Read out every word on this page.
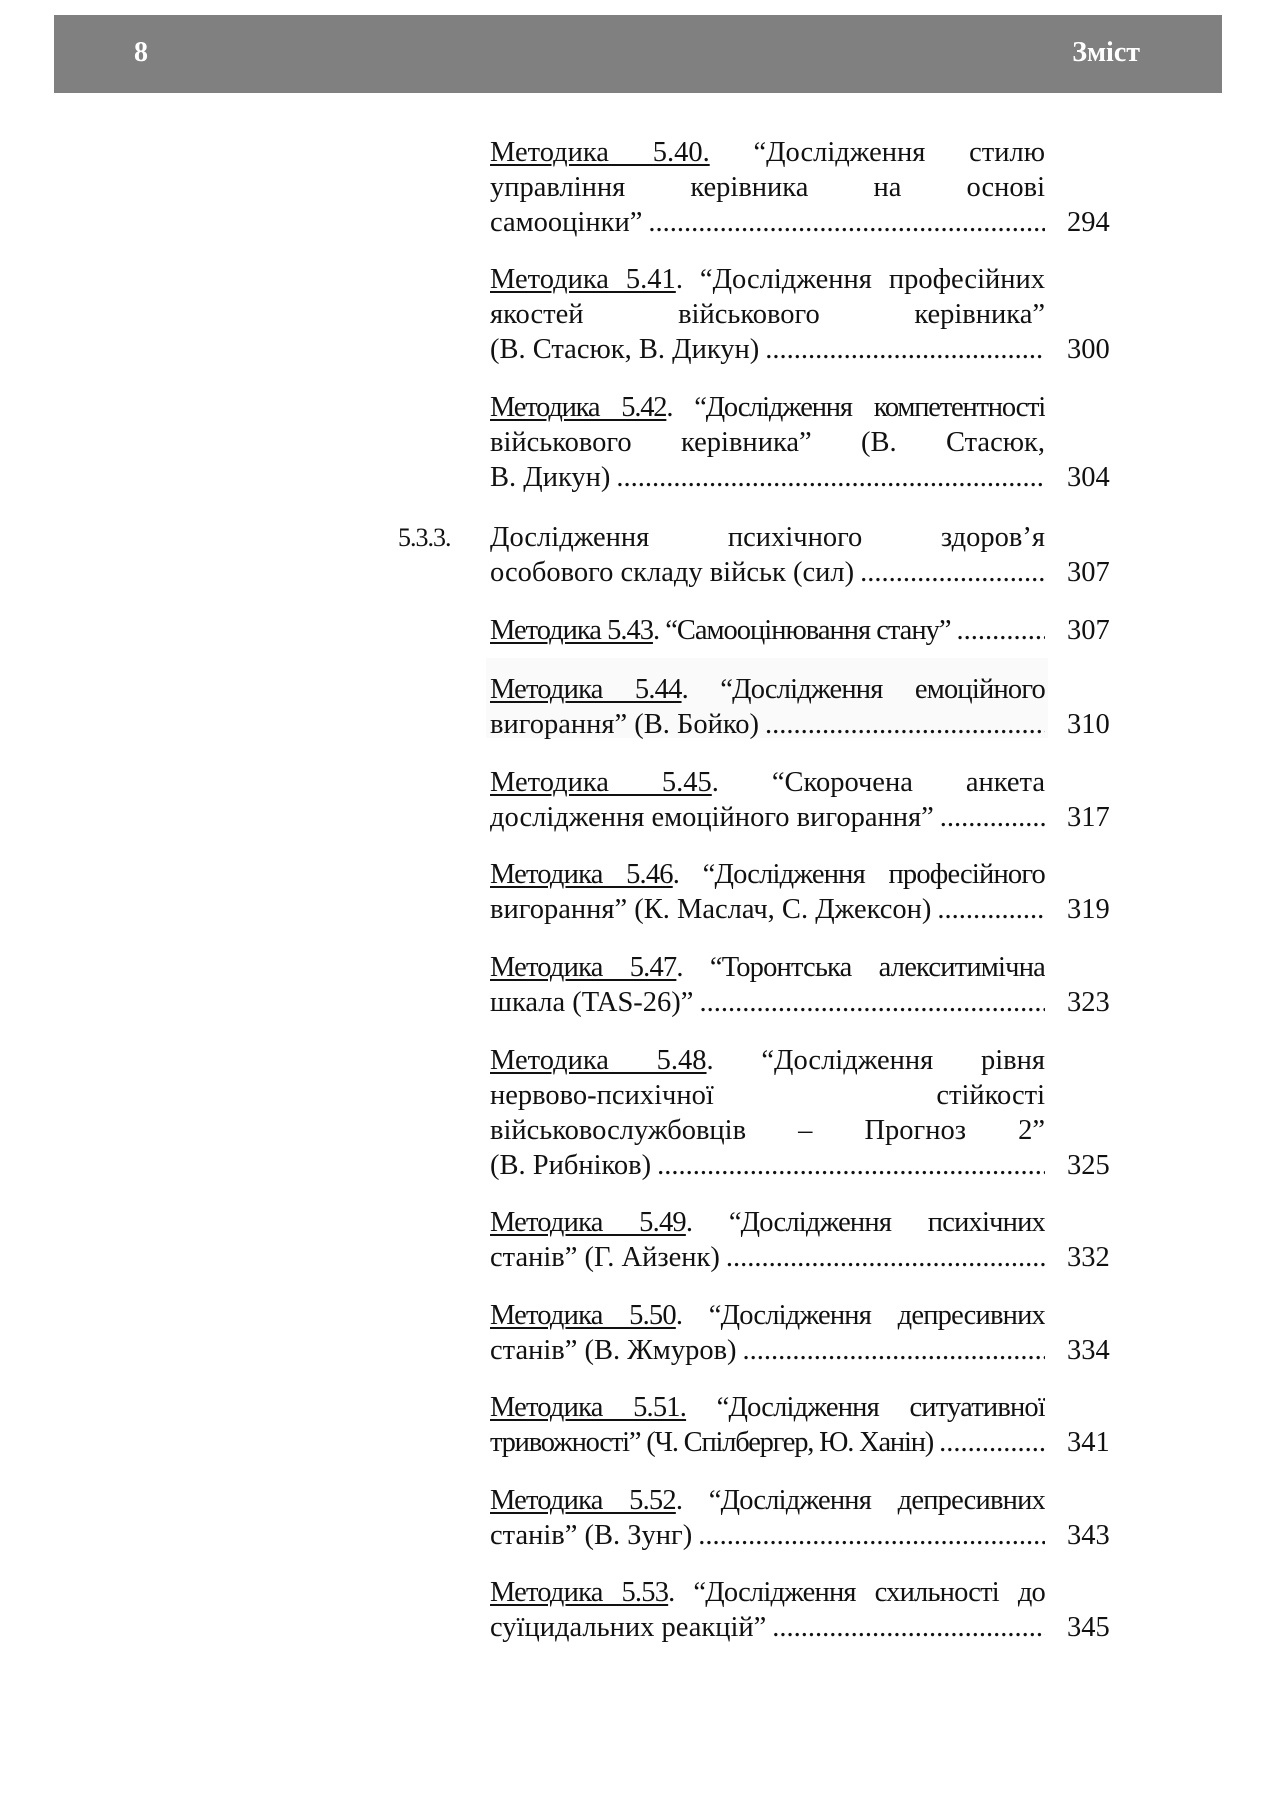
8	Зміст
Методика 5.40. “Дослідження стилю
управління керівника на основі
самооцінки” .....	294
Методика 5.41. “Дослідження професійних
якостей військового керівника”
(В. Стасюк, В. Дикун) .....	300
Методика 5.42. “Дослідження компетентності
військового керівника” (В. Стасюк,
В. Дикун) .....	304
5.3.3. Дослідження психічного здоров’я
особового складу військ (сил) .....	307
Методика 5.43. “Самооцінювання стану” .....	307
Методика 5.44. “Дослідження емоційного
вигорання” (В. Бойко) .....	310
Методика 5.45. “Скорочена анкета
дослідження емоційного вигорання” .....	317
Методика 5.46. “Дослідження професійного
вигорання” (К. Маслач, С. Джексон) .....	319
Методика 5.47. “Торонтська алекситимічна
шкала (TAS-26)” .....	323
Методика 5.48. “Дослідження рівня
нервово-психічної стійкості
військовослужбовців – Прогноз 2”
(В. Рибніков) .....	325
Методика 5.49. “Дослідження психічних
станів” (Г. Айзенк) .....	332
Методика 5.50. “Дослідження депресивних
станів” (В. Жмуров) .....	334
Методика 5.51. “Дослідження ситуативної
тривожності” (Ч. Спілбергер, Ю. Ханін) .....	341
Методика 5.52. “Дослідження депресивних
станів” (В. Зунг) .....	343
Методика 5.53. “Дослідження схильності до
суїцидальних реакцій” .....	345
